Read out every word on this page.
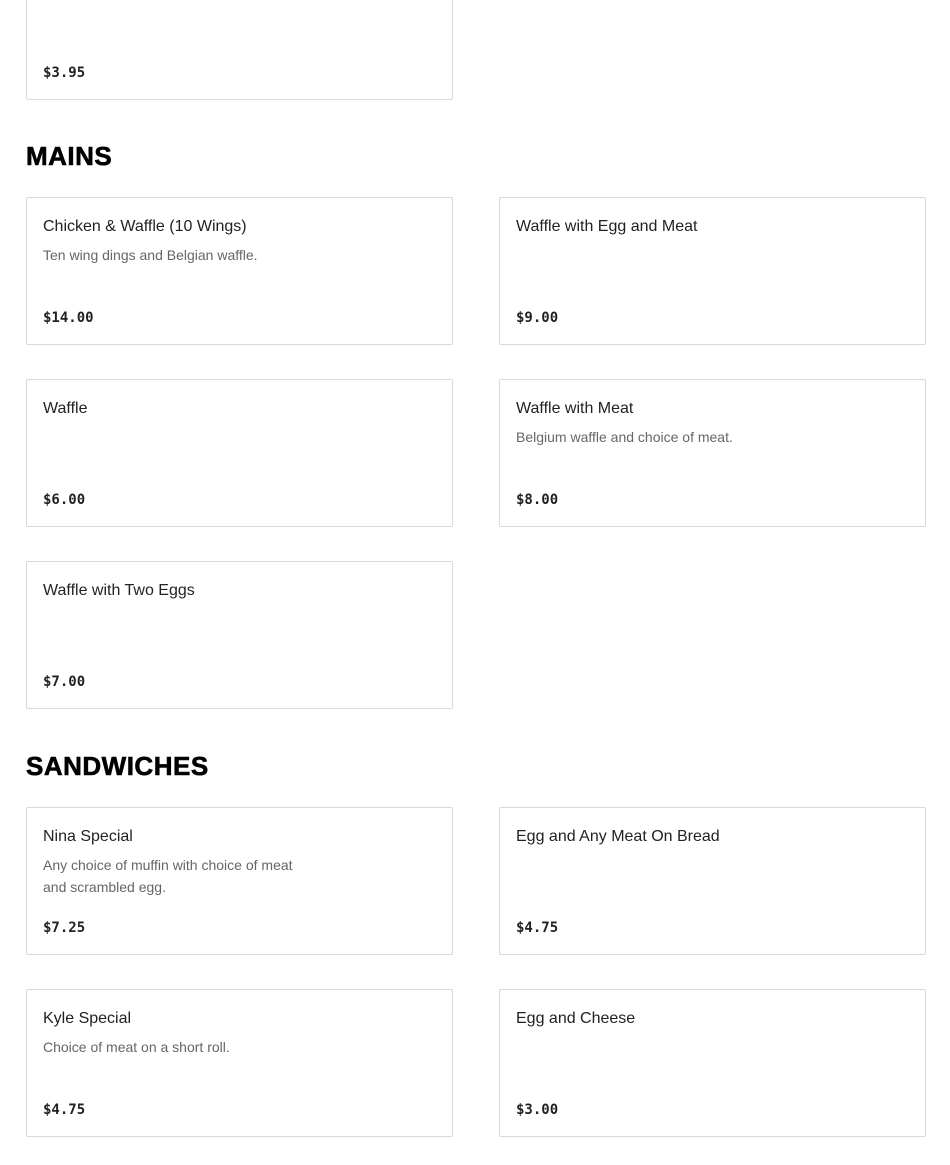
$3.95
MAINS
Chicken & Waffle (10 Wings)
Ten wing dings and Belgian waffle.
$14.00
Waffle with Egg and Meat
$9.00
Waffle
$6.00
Waffle with Meat
Belgium waffle and choice of meat.
$8.00
Waffle with Two Eggs
$7.00
SANDWICHES
Nina Special
Any choice of muffin with choice of meat and scrambled egg.
$7.25
Egg and Any Meat On Bread
$4.75
Kyle Special
Choice of meat on a short roll.
$4.75
Egg and Cheese
$3.00
